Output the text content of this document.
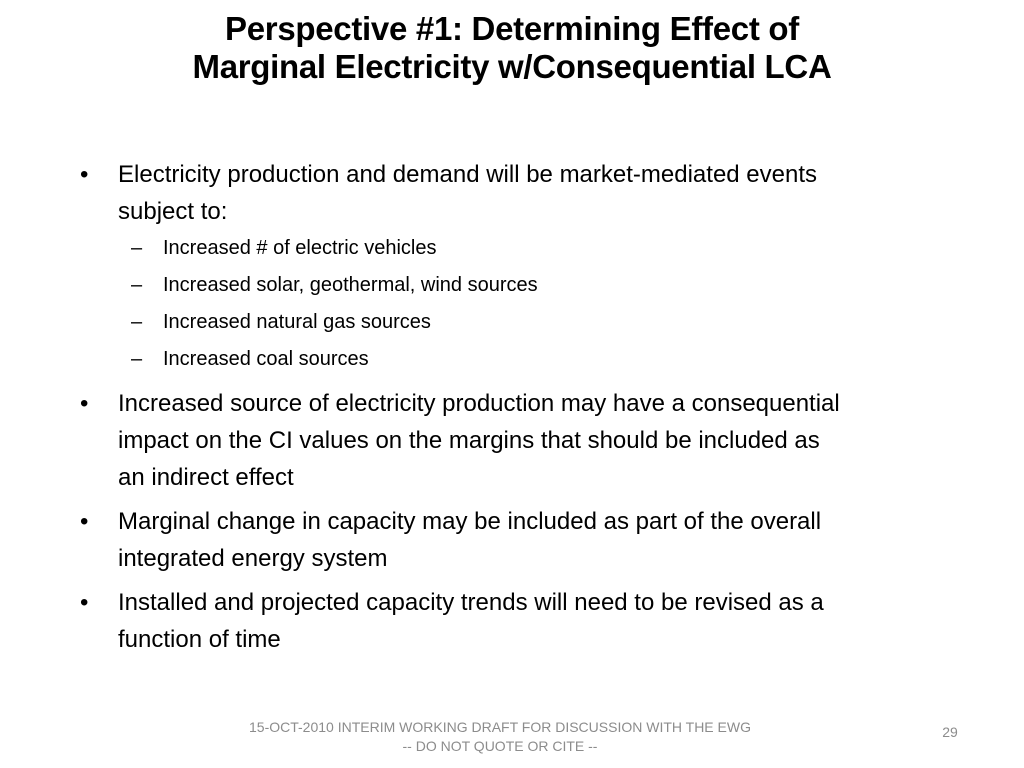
Perspective #1: Determining Effect of
Marginal Electricity w/Consequential LCA
• Electricity production and demand will be market-mediated events
subject to:
– Increased # of electric vehicles
– Increased solar, geothermal, wind sources
– Increased natural gas sources
– Increased coal sources
• Increased source of electricity production may have a consequential
impact on the CI values on the margins that should be included as
an indirect effect
• Marginal change in capacity may be included as part of the overall
integrated energy system
• Installed and projected capacity trends will need to be revised as a
function of time
15-OCT-2010 INTERIM WORKING DRAFT FOR DISCUSSION WITH THE EWG
-- DO NOT QUOTE OR CITE --
29
